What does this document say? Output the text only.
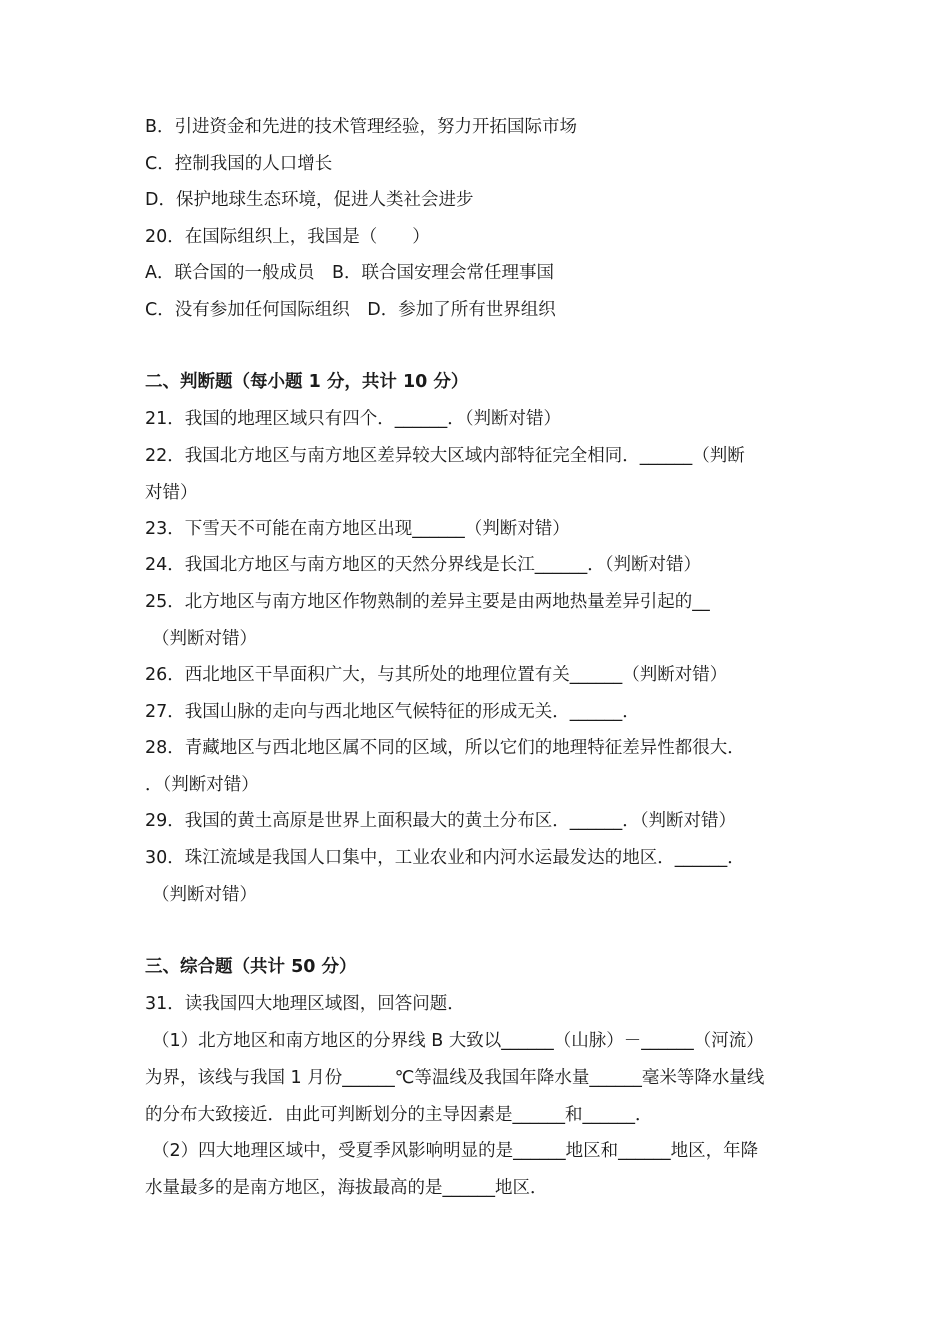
B．引进资金和先进的技术管理经验，努力开拓国际市场
C．控制我国的人口增长
D．保护地球生态环境，促进人类社会进步
20．在国际组织上，我国是（　　）
A．联合国的一般成员　B．联合国安理会常任理事国
C．没有参加任何国际组织　D．参加了所有世界组织
二、判断题（每小题 1 分，共计 10 分）
21．我国的地理区域只有四个．______．（判断对错）
22．我国北方地区与南方地区差异较大区域内部特征完全相同．______（判断
对错）
23．下雪天不可能在南方地区出现______（判断对错）
24．我国北方地区与南方地区的天然分界线是长江______．（判断对错）
25．北方地区与南方地区作物熟制的差异主要是由两地热量差异引起的__
（判断对错）
26．西北地区干旱面积广大，与其所处的地理位置有关______（判断对错）
27．我国山脉的走向与西北地区气候特征的形成无关．______．
28．青藏地区与西北地区属不同的区域，所以它们的地理特征差异性都很大．
．（判断对错）
29．我国的黄土高原是世界上面积最大的黄土分布区．______．（判断对错）
30．珠江流域是我国人口集中，工业农业和内河水运最发达的地区．______．
（判断对错）
三、综合题（共计 50 分）
31．读我国四大地理区域图，回答问题．
（1）北方地区和南方地区的分界线 B 大致以______（山脉）－______（河流）
为界，该线与我国 1 月份______℃等温线及我国年降水量______毫米等降水量线
的分布大致接近．由此可判断划分的主导因素是______和______．
（2）四大地理区域中，受夏季风影响明显的是______地区和______地区，年降
水量最多的是南方地区，海拔最高的是______地区．
